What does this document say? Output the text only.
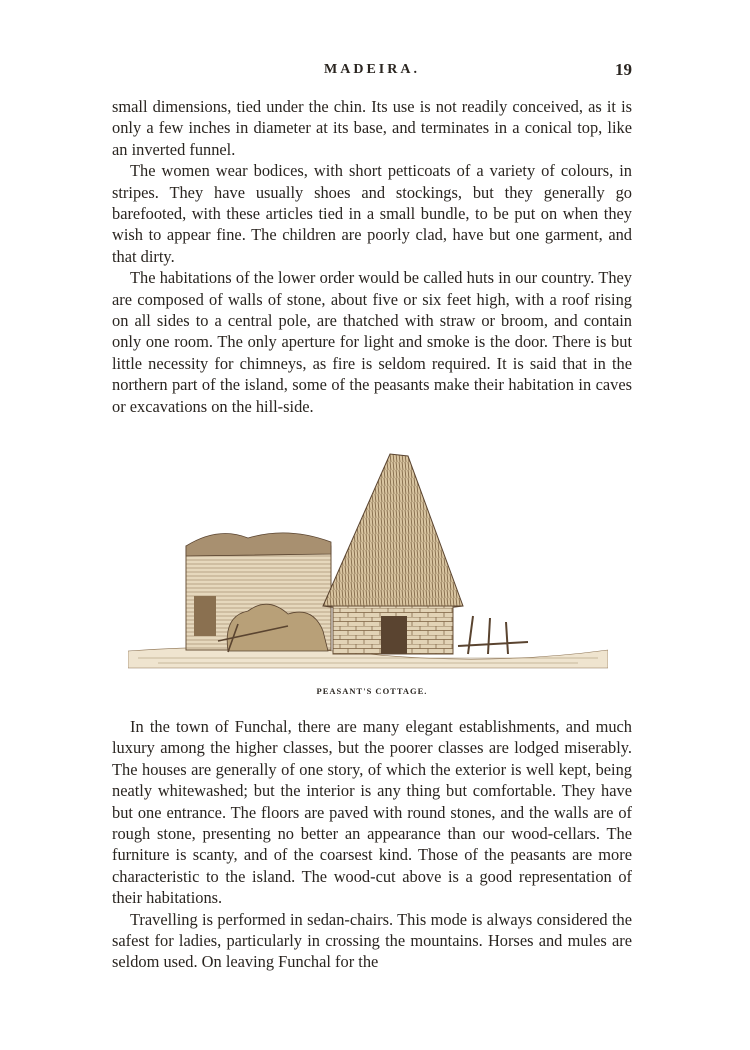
MADEIRA.	19

small dimensions, tied under the chin. Its use is not readily conceived, as it is only a few inches in diameter at its base, and terminates in a conical top, like an inverted funnel.

The women wear bodices, with short petticoats of a variety of colours, in stripes. They have usually shoes and stockings, but they generally go barefooted, with these articles tied in a small bundle, to be put on when they wish to appear fine. The children are poorly clad, have but one garment, and that dirty.

The habitations of the lower order would be called huts in our country. They are composed of walls of stone, about five or six feet high, with a roof rising on all sides to a central pole, are thatched with straw or broom, and contain only one room. The only aperture for light and smoke is the door. There is but little necessity for chimneys, as fire is seldom required. It is said that in the northern part of the island, some of the peasants make their habitation in caves or excavations on the hill-side.

PEASANT'S COTTAGE.

In the town of Funchal, there are many elegant establishments, and much luxury among the higher classes, but the poorer classes are lodged miserably. The houses are generally of one story, of which the exterior is well kept, being neatly whitewashed; but the interior is any thing but comfortable. They have but one entrance. The floors are paved with round stones, and the walls are of rough stone, presenting no better an appearance than our wood-cellars. The furniture is scanty, and of the coarsest kind. Those of the peasants are more characteristic to the island. The wood-cut above is a good representation of their habitations.

Travelling is performed in sedan-chairs. This mode is always considered the safest for ladies, particularly in crossing the mountains. Horses and mules are seldom used. On leaving Funchal for the
